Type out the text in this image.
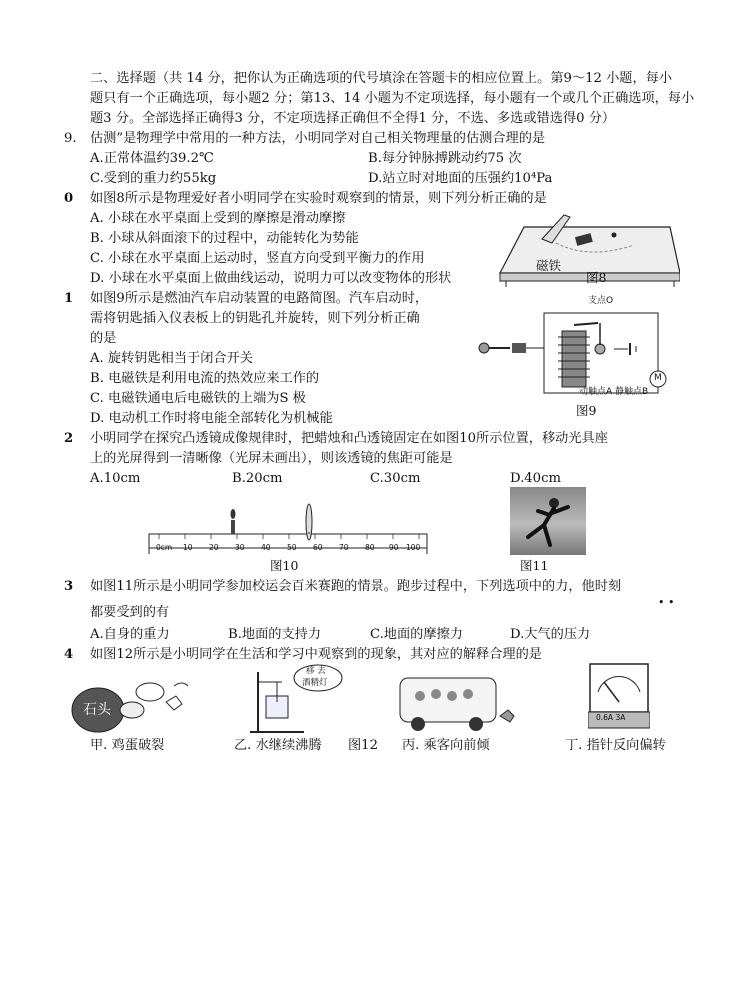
二、选择题（共 14 分，把你认为正确选项的代号填涂在答题卡的相应位置上。第9～12 小题，每小
题只有一个正确选项，每小题2 分；第13、14 小题为不定项选择，每小题有一个或几个正确选项，每小
题3 分。全部选择正确得3 分，不定项选择正确但不全得1 分，不选、多选或错选得0 分）
9. 估测”是物理学中常用的一种方法，小明同学对自己相关物理量的估测合理的是
A.正常体温约39.2℃	B.每分钟脉搏跳动约75 次
C.受到的重力约55kg	D.站立时对地面的压强约10⁴Pa
0 如图8所示是物理爱好者小明同学在实验时观察到的情景，则下列分析正确的是
A. 小球在水平桌面上受到的摩擦是滑动摩擦
B. 小球从斜面滚下的过程中，动能转化为势能
C. 小球在水平桌面上运动时，竖直方向受到平衡力的作用
D. 小球在水平桌面上做曲线运动，说明力可以改变物体的形状
磁铁
图8
1 如图9所示是燃油汽车启动装置的电路简图。汽车启动时，
需将钥匙插入仪表板上的钥匙孔并旋转，则下列分析正确
的是
A. 旋转钥匙相当于闭合开关
B. 电磁铁是利用电流的热效应来工作的
C. 电磁铁通电后电磁铁的上端为S 极
D. 电动机工作时将电能全部转化为机械能
支点O
动触点A 静触点B
M
图9
2 小明同学在探究凸透镜成像规律时，把蜡烛和凸透镜固定在如图10所示位置，移动光具座
上的光屏得到一清晰像（光屏未画出），则该透镜的焦距可能是
A.10cm	B.20cm	C.30cm	D.40cm
0cm 10 20 30 40 50 60 70 80 90 100
图10	图11
3 如图11所示是小明同学参加校运会百米赛跑的情景。跑步过程中，下列选项中的力，他时刻
都要受到的有
• •
A.自身的重力	B.地面的支持力	C.地面的摩擦力	D.大气的压力
4 如图12所示是小明同学在生活和学习中观察到的现象，其对应的解释合理的是
石头
移 去
酒精灯
0.6A 3A
甲. 鸡蛋破裂	乙. 水继续沸腾 图12 丙. 乘客向前倾	丁. 指针反向偏转
